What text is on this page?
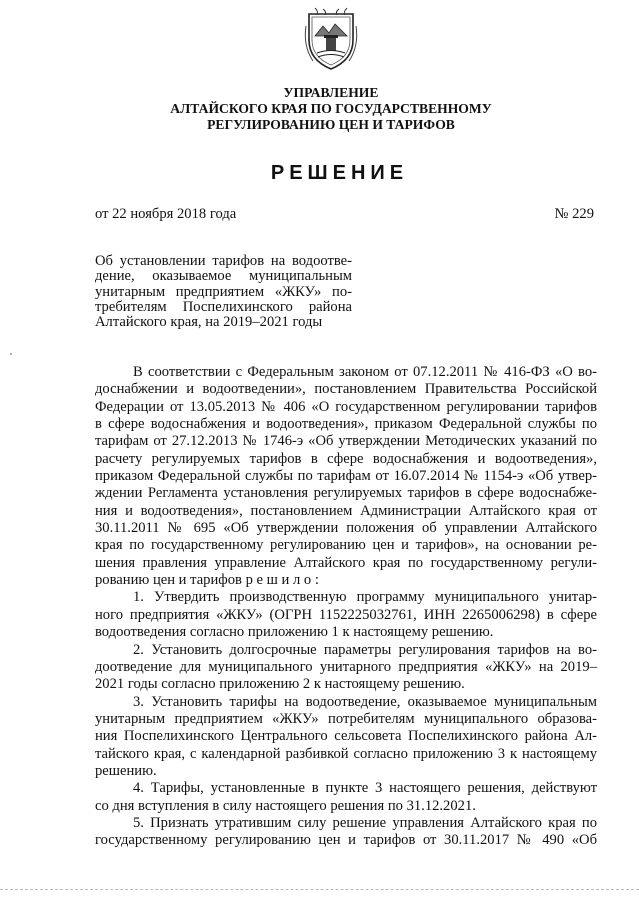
УПРАВЛЕНИЕ
АЛТАЙСКОГО КРАЯ ПО ГОСУДАРСТВЕННОМУ
РЕГУЛИРОВАНИЮ ЦЕН И ТАРИФОВ
РЕШЕНИЕ
от 22 ноября 2018 года	№ 229
Об установлении тарифов на водоотве-
дение, оказываемое муниципальным
унитарным предприятием «ЖКУ» по-
требителям Поспелихинского района
Алтайского края, на 2019–2021 годы
В соответствии с Федеральным законом от 07.12.2011 № 416-ФЗ «О во-
доснабжении и водоотведении», постановлением Правительства Российской
Федерации от 13.05.2013 № 406 «О государственном регулировании тарифов
в сфере водоснабжения и водоотведения», приказом Федеральной службы по
тарифам от 27.12.2013 № 1746-э «Об утверждении Методических указаний по
расчету регулируемых тарифов в сфере водоснабжения и водоотведения»,
приказом Федеральной службы по тарифам от 16.07.2014 № 1154-э «Об утвер-
ждении Регламента установления регулируемых тарифов в сфере водоснабже-
ния и водоотведения», постановлением Администрации Алтайского края от
30.11.2011 № 695 «Об утверждении положения об управлении Алтайского
края по государственному регулированию цен и тарифов», на основании ре-
шения правления управление Алтайского края по государственному регули-
рованию цен и тарифов р е ш и л о :
1. Утвердить производственную программу муниципального унитар-
ного предприятия «ЖКУ» (ОГРН 1152225032761, ИНН 2265006298) в сфере
водоотведения согласно приложению 1 к настоящему решению.
2. Установить долгосрочные параметры регулирования тарифов на во-
доотведение для муниципального унитарного предприятия «ЖКУ» на 2019–
2021 годы согласно приложению 2 к настоящему решению.
3. Установить тарифы на водоотведение, оказываемое муниципальным
унитарным предприятием «ЖКУ» потребителям муниципального образова-
ния Поспелихинского Центрального сельсовета Поспелихинского района Ал-
тайского края, с календарной разбивкой согласно приложению 3 к настоящему
решению.
4. Тарифы, установленные в пункте 3 настоящего решения, действуют
со дня вступления в силу настоящего решения по 31.12.2021.
5. Признать утратившим силу решение управления Алтайского края по
государственному регулированию цен и тарифов от 30.11.2017 № 490 «Об
